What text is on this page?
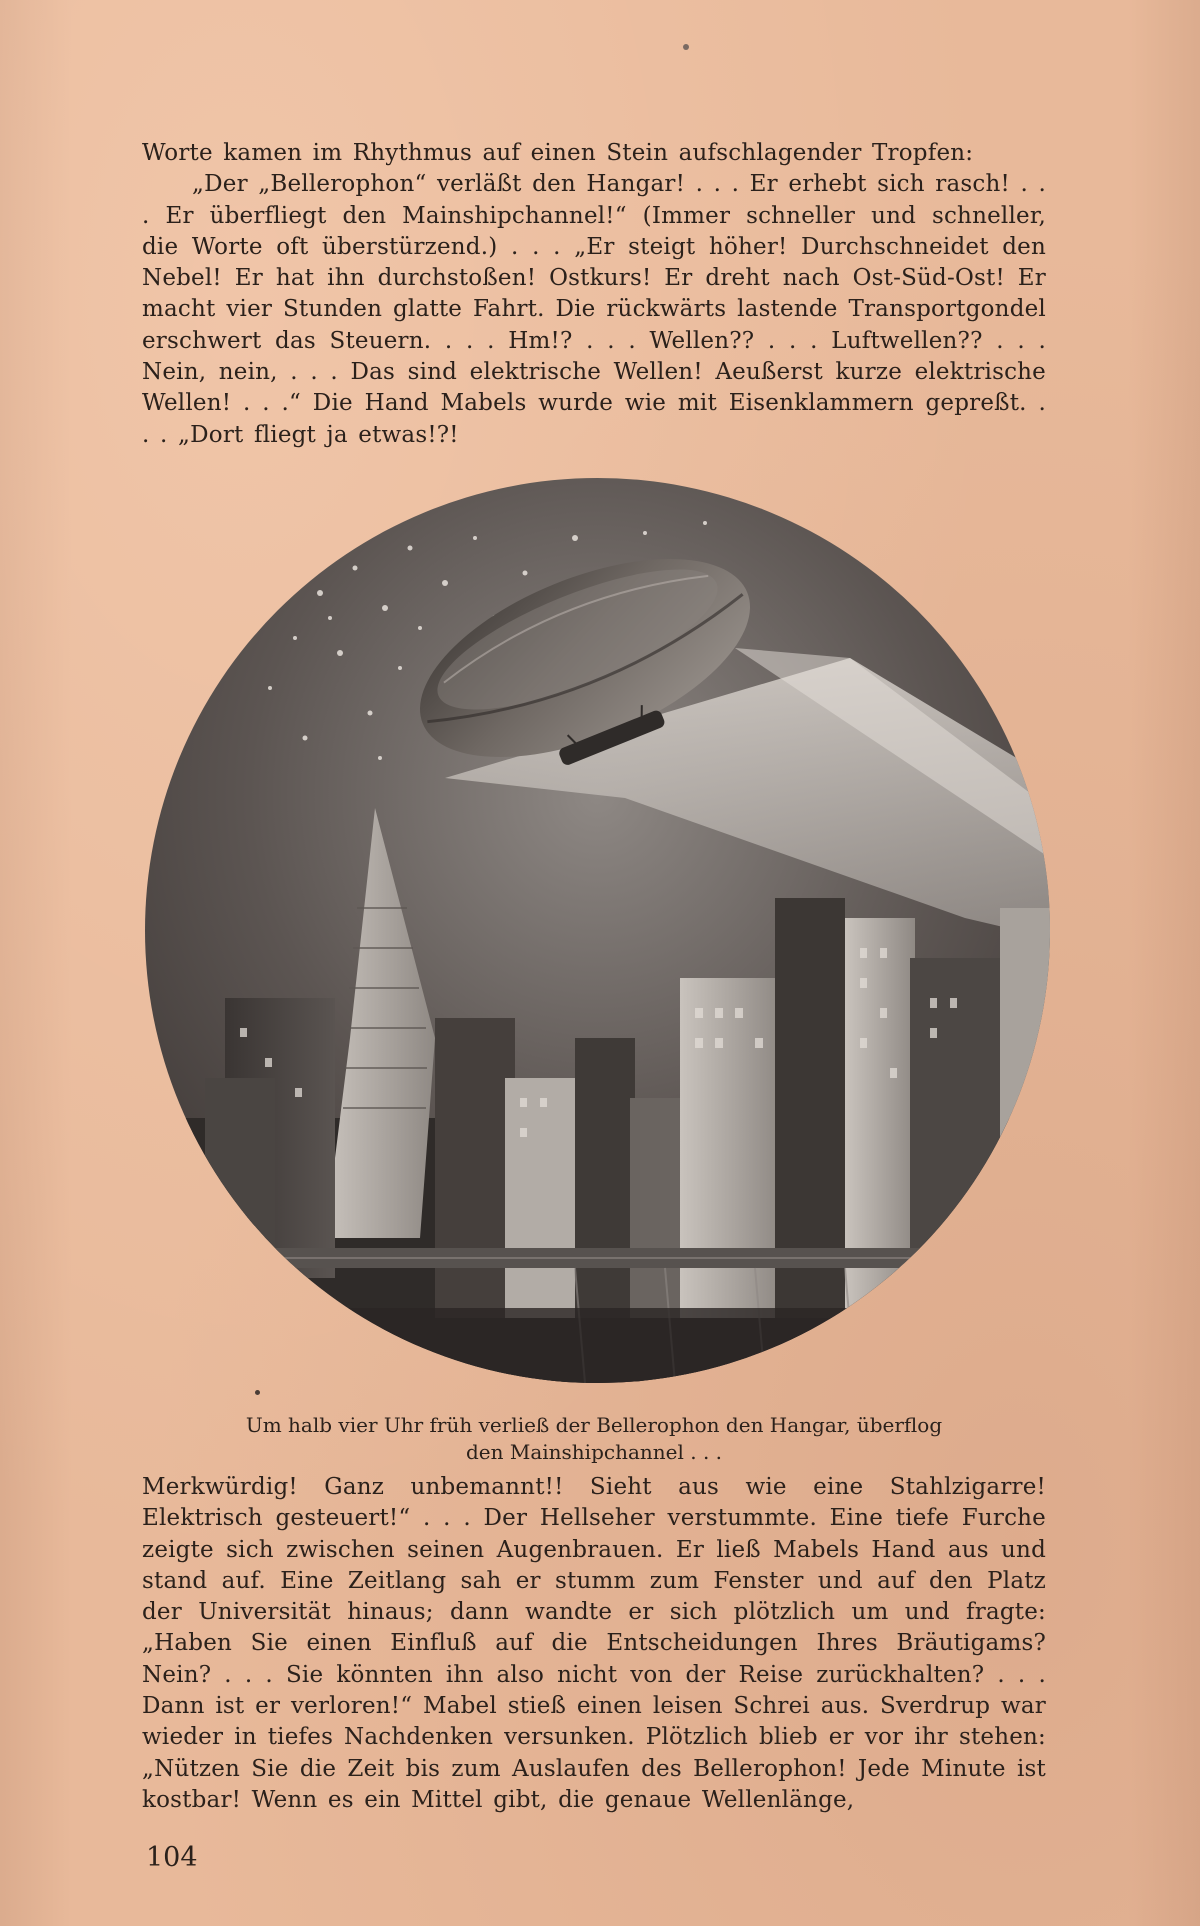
Worte kamen im Rhythmus auf einen Stein aufschlagender Tropfen:

„Der „Bellerophon“ verläßt den Hangar! . . . Er erhebt sich rasch! . . . Er überfliegt den Mainshipchannel!“ (Immer schneller und schneller, die Worte oft überstürzend.) . . . „Er steigt höher! Durchschneidet den Nebel! Er hat ihn durchstoßen! Ostkurs! Er dreht nach Ost-Süd-Ost! Er macht vier Stunden glatte Fahrt. Die rückwärts lastende Transportgondel erschwert das Steuern. . . . Hm!? . . . Wellen?? . . . Luftwellen?? . . . Nein, nein, . . . Das sind elektrische Wellen! Aeußerst kurze elektrische Wellen! . . .“ Die Hand Mabels wurde wie mit Eisenklammern gepreßt. . . . „Dort fliegt ja etwas!?!

Um halb vier Uhr früh verließ der Bellerophon den Hangar, überflog
den Mainshipchannel . . .

Merkwürdig! Ganz unbemannt!! Sieht aus wie eine Stahlzigarre! Elektrisch gesteuert!“ . . . Der Hellseher verstummte. Eine tiefe Furche zeigte sich zwischen seinen Augenbrauen. Er ließ Mabels Hand aus und stand auf. Eine Zeitlang sah er stumm zum Fenster und auf den Platz der Universität hinaus; dann wandte er sich plötzlich um und fragte: „Haben Sie einen Einfluß auf die Entscheidungen Ihres Bräutigams? Nein? . . . Sie könnten ihn also nicht von der Reise zurückhalten? . . . Dann ist er verloren!“ Mabel stieß einen leisen Schrei aus. Sverdrup war wieder in tiefes Nachdenken versunken. Plötzlich blieb er vor ihr stehen: „Nützen Sie die Zeit bis zum Auslaufen des Bellerophon! Jede Minute ist kostbar! Wenn es ein Mittel gibt, die genaue Wellenlänge,

104
